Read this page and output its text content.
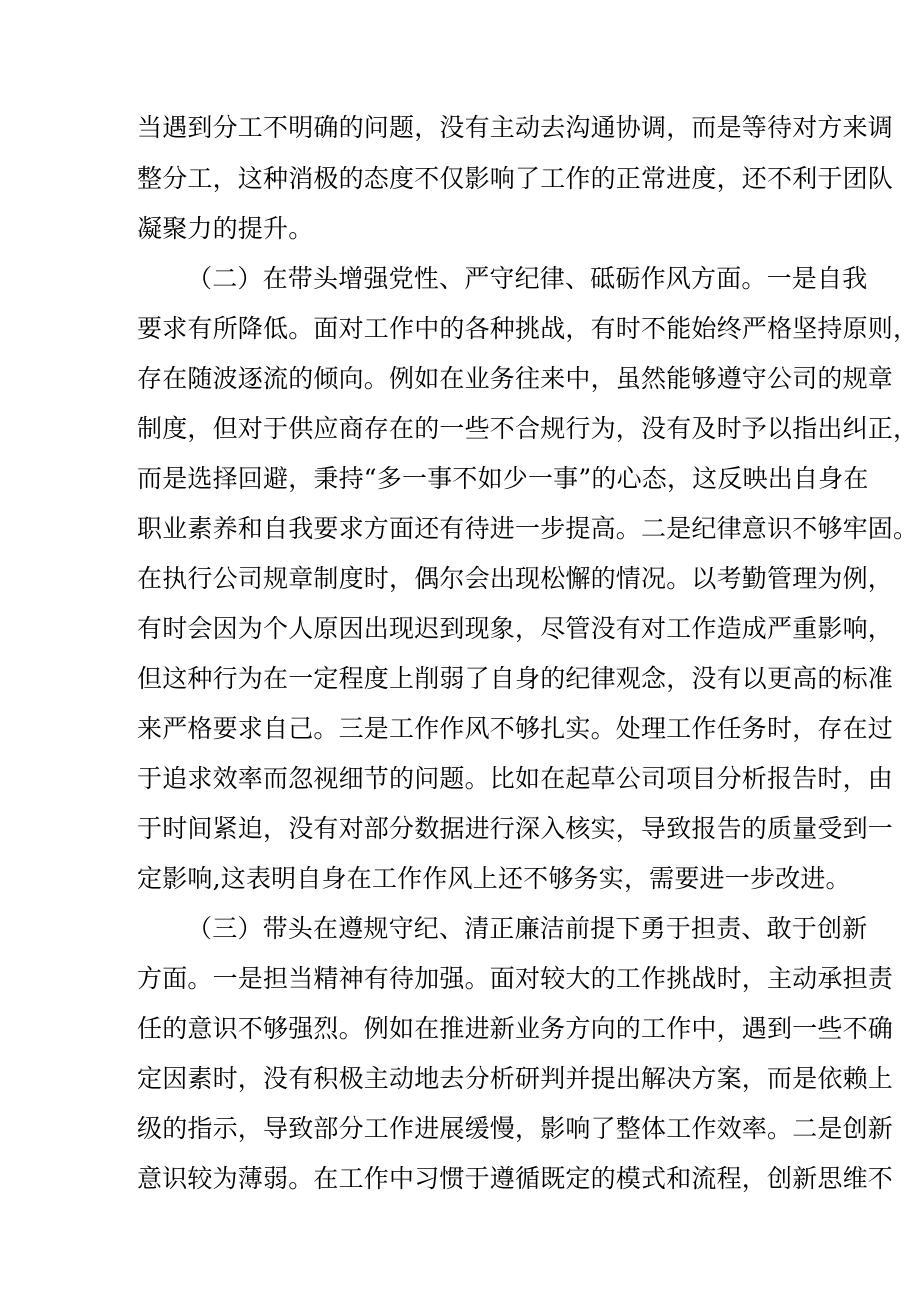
当遇到分工不明确的问题，没有主动去沟通协调，而是等待对方来调
整分工，这种消极的态度不仅影响了工作的正常进度，还不利于团队
凝聚力的提升。
（二）在带头增强党性、严守纪律、砥砺作风方面。一是自我
要求有所降低。面对工作中的各种挑战，有时不能始终严格坚持原则，
存在随波逐流的倾向。例如在业务往来中，虽然能够遵守公司的规章
制度，但对于供应商存在的一些不合规行为，没有及时予以指出纠正，
而是选择回避，秉持“多一事不如少一事”的心态，这反映出自身在
职业素养和自我要求方面还有待进一步提高。二是纪律意识不够牢固。
在执行公司规章制度时，偶尔会出现松懈的情况。以考勤管理为例，
有时会因为个人原因出现迟到现象，尽管没有对工作造成严重影响，
但这种行为在一定程度上削弱了自身的纪律观念，没有以更高的标准
来严格要求自己。三是工作作风不够扎实。处理工作任务时，存在过
于追求效率而忽视细节的问题。比如在起草公司项目分析报告时，由
于时间紧迫，没有对部分数据进行深入核实，导致报告的质量受到一
定影响,这表明自身在工作作风上还不够务实，需要进一步改进。
（三）带头在遵规守纪、清正廉洁前提下勇于担责、敢于创新
方面。一是担当精神有待加强。面对较大的工作挑战时，主动承担责
任的意识不够强烈。例如在推进新业务方向的工作中，遇到一些不确
定因素时，没有积极主动地去分析研判并提出解决方案，而是依赖上
级的指示，导致部分工作进展缓慢，影响了整体工作效率。二是创新
意识较为薄弱。在工作中习惯于遵循既定的模式和流程，创新思维不
